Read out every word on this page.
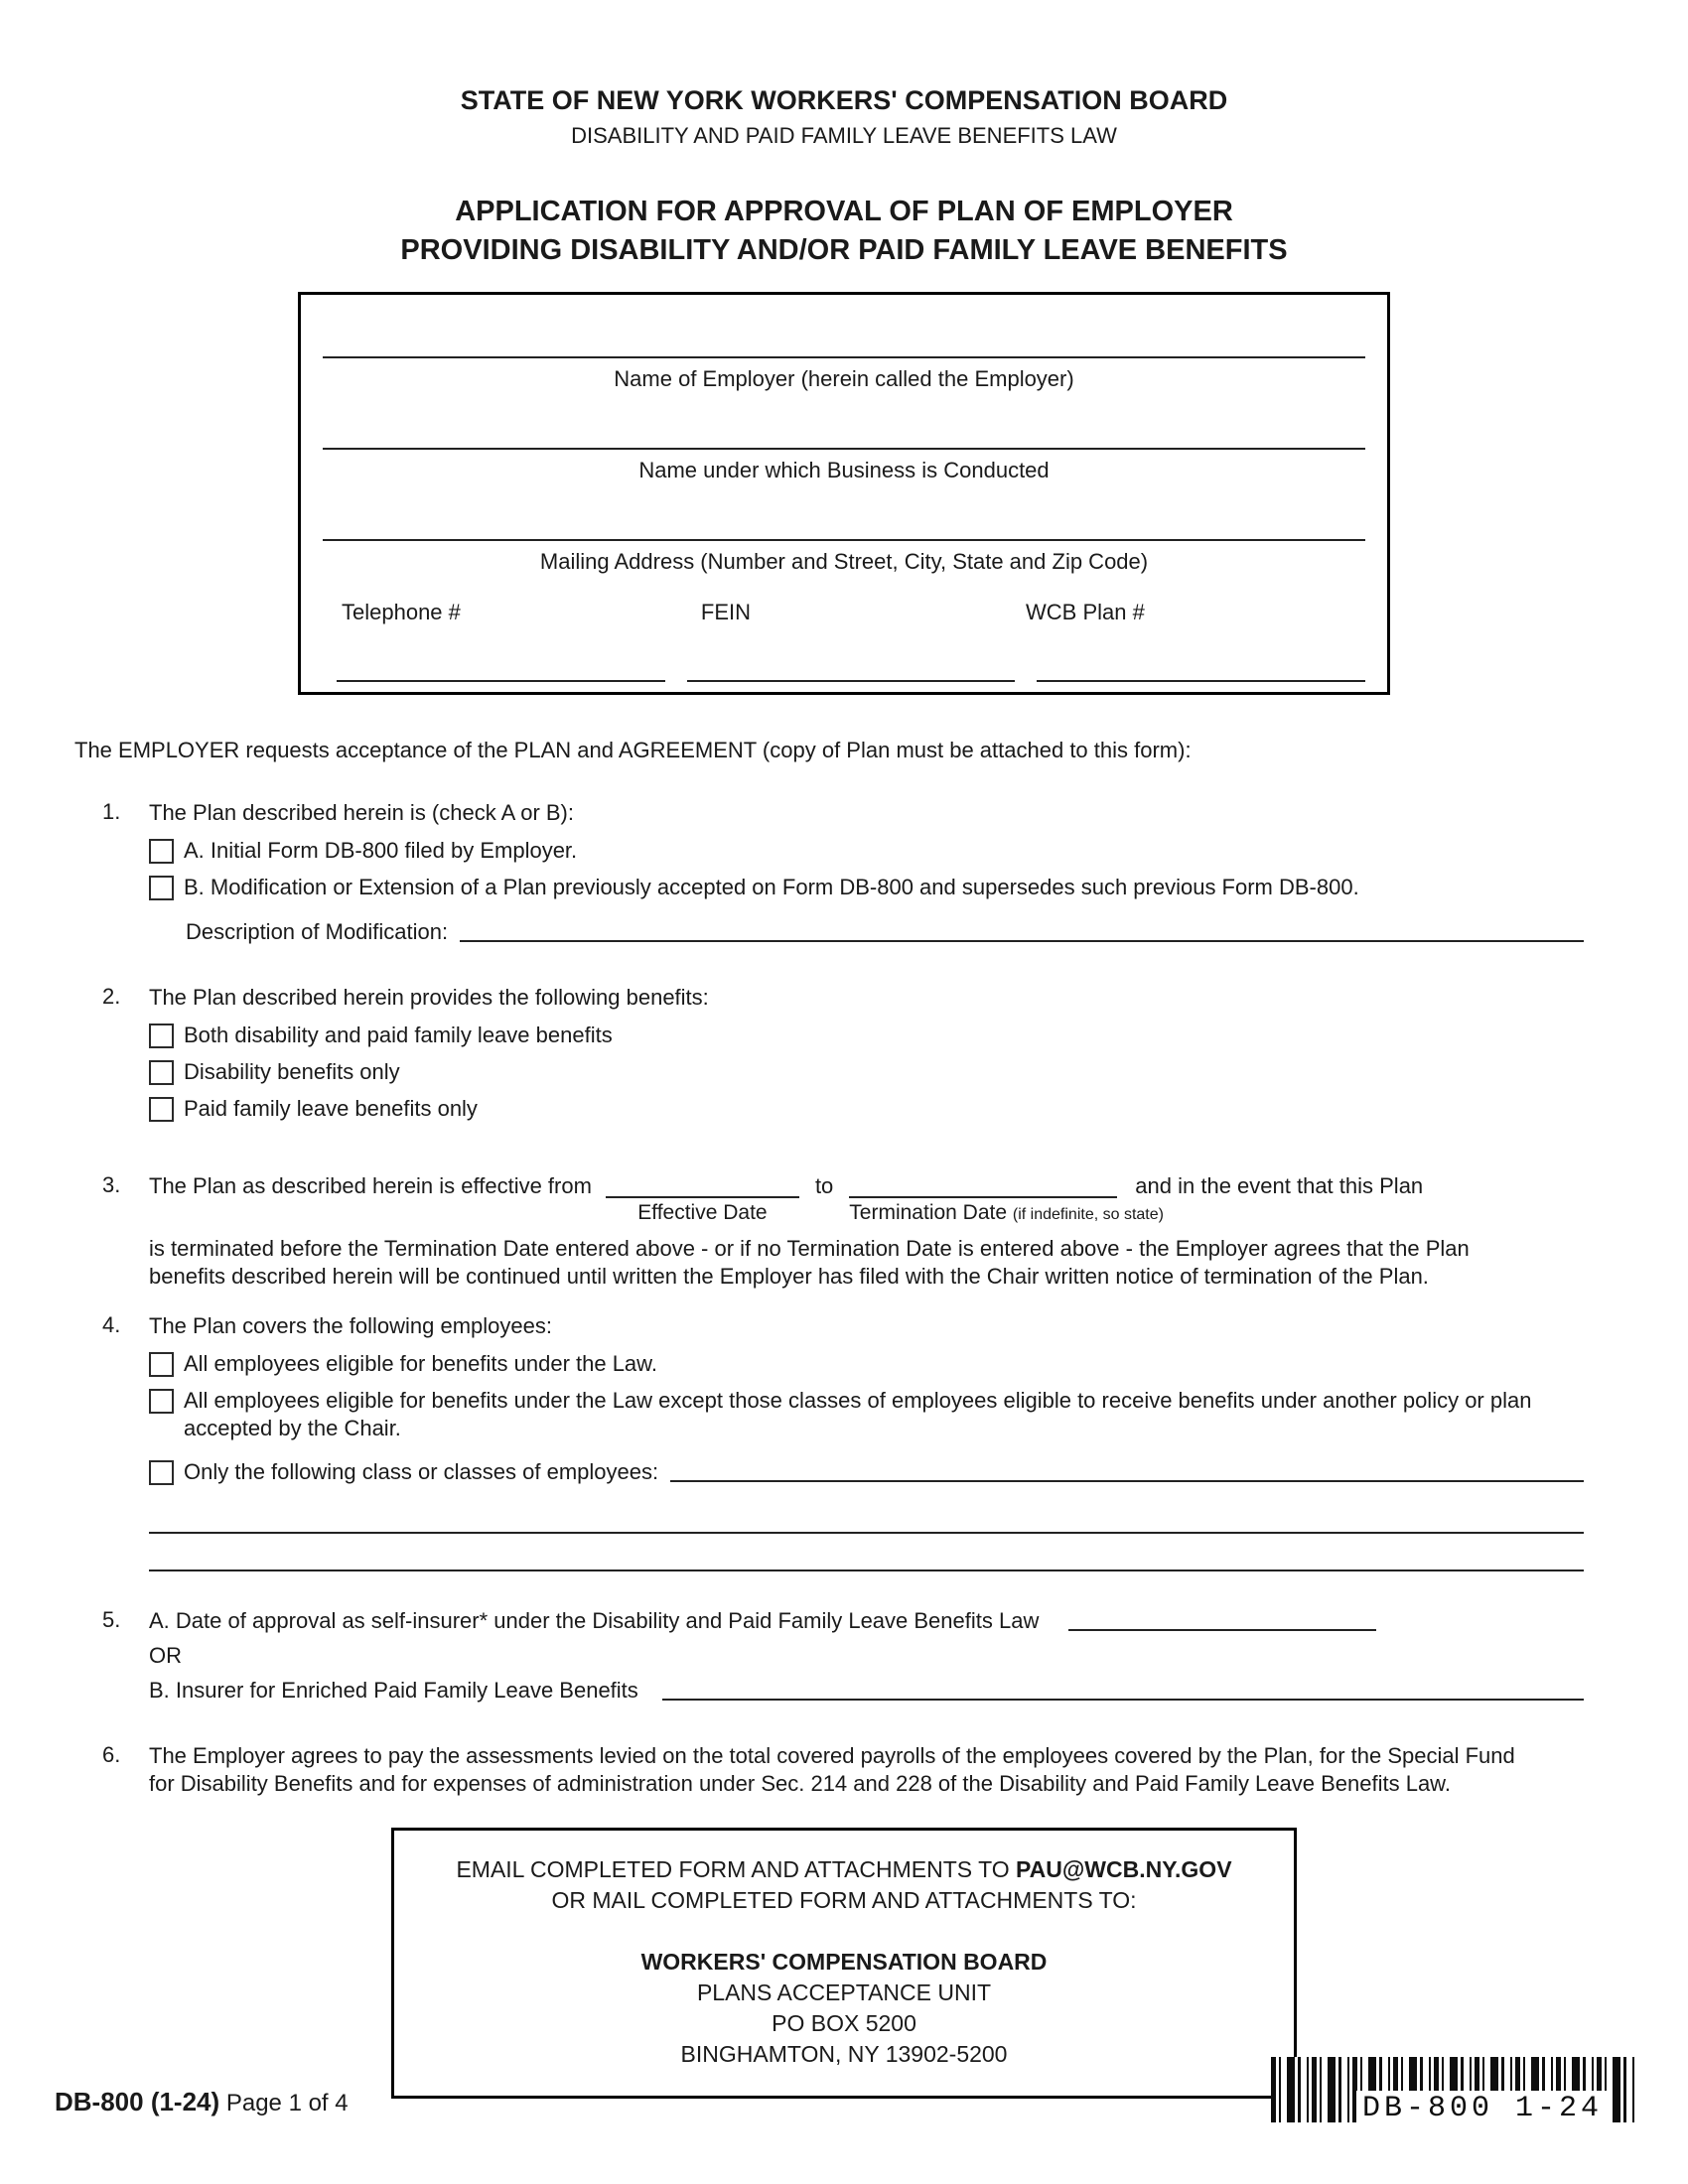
STATE OF NEW YORK WORKERS' COMPENSATION BOARD
DISABILITY AND PAID FAMILY LEAVE BENEFITS LAW
APPLICATION FOR APPROVAL OF PLAN OF EMPLOYER
PROVIDING DISABILITY AND/OR PAID FAMILY LEAVE BENEFITS
Name of Employer (herein called the Employer)
Name under which Business is Conducted
Mailing Address (Number and Street, City, State and Zip Code)
Telephone #	FEIN	WCB Plan #

The EMPLOYER requests acceptance of the PLAN and AGREEMENT (copy of Plan must be attached to this form):

1.	The Plan described herein is (check A or B):
A. Initial Form DB-800 filed by Employer.
B. Modification or Extension of a Plan previously accepted on Form DB-800 and supersedes such previous Form DB-800.
Description of Modification:
2.	The Plan described herein provides the following benefits:
Both disability and paid family leave benefits
Disability benefits only
Paid family leave benefits only
3.	The Plan as described herein is effective from
Effective Date
to
Termination Date (if indefinite, so state)
and in the event that this Plan
is terminated before the Termination Date entered above - or if no Termination Date is entered above - the Employer agrees that the Plan benefits described herein will be continued until written the Employer has filed with the Chair written notice of termination of the Plan.
4.	The Plan covers the following employees:
All employees eligible for benefits under the Law.
All employees eligible for benefits under the Law except those classes of employees eligible to receive benefits under another policy or plan accepted by the Chair.
Only the following class or classes of employees:
5.	A. Date of approval as self-insurer* under the Disability and Paid Family Leave Benefits Law
OR
B. Insurer for Enriched Paid Family Leave Benefits
6.	The Employer agrees to pay the assessments levied on the total covered payrolls of the employees covered by the Plan, for the Special Fund for Disability Benefits and for expenses of administration under Sec. 214 and 228 of the Disability and Paid Family Leave Benefits Law.
EMAIL COMPLETED FORM AND ATTACHMENTS TO PAU@WCB.NY.GOV
OR MAIL COMPLETED FORM AND ATTACHMENTS TO:
WORKERS' COMPENSATION BOARD
PLANS ACCEPTANCE UNIT
PO BOX 5200
BINGHAMTON, NY 13902-5200
DB-800 (1-24) Page 1 of 4	DB-800 1-24
